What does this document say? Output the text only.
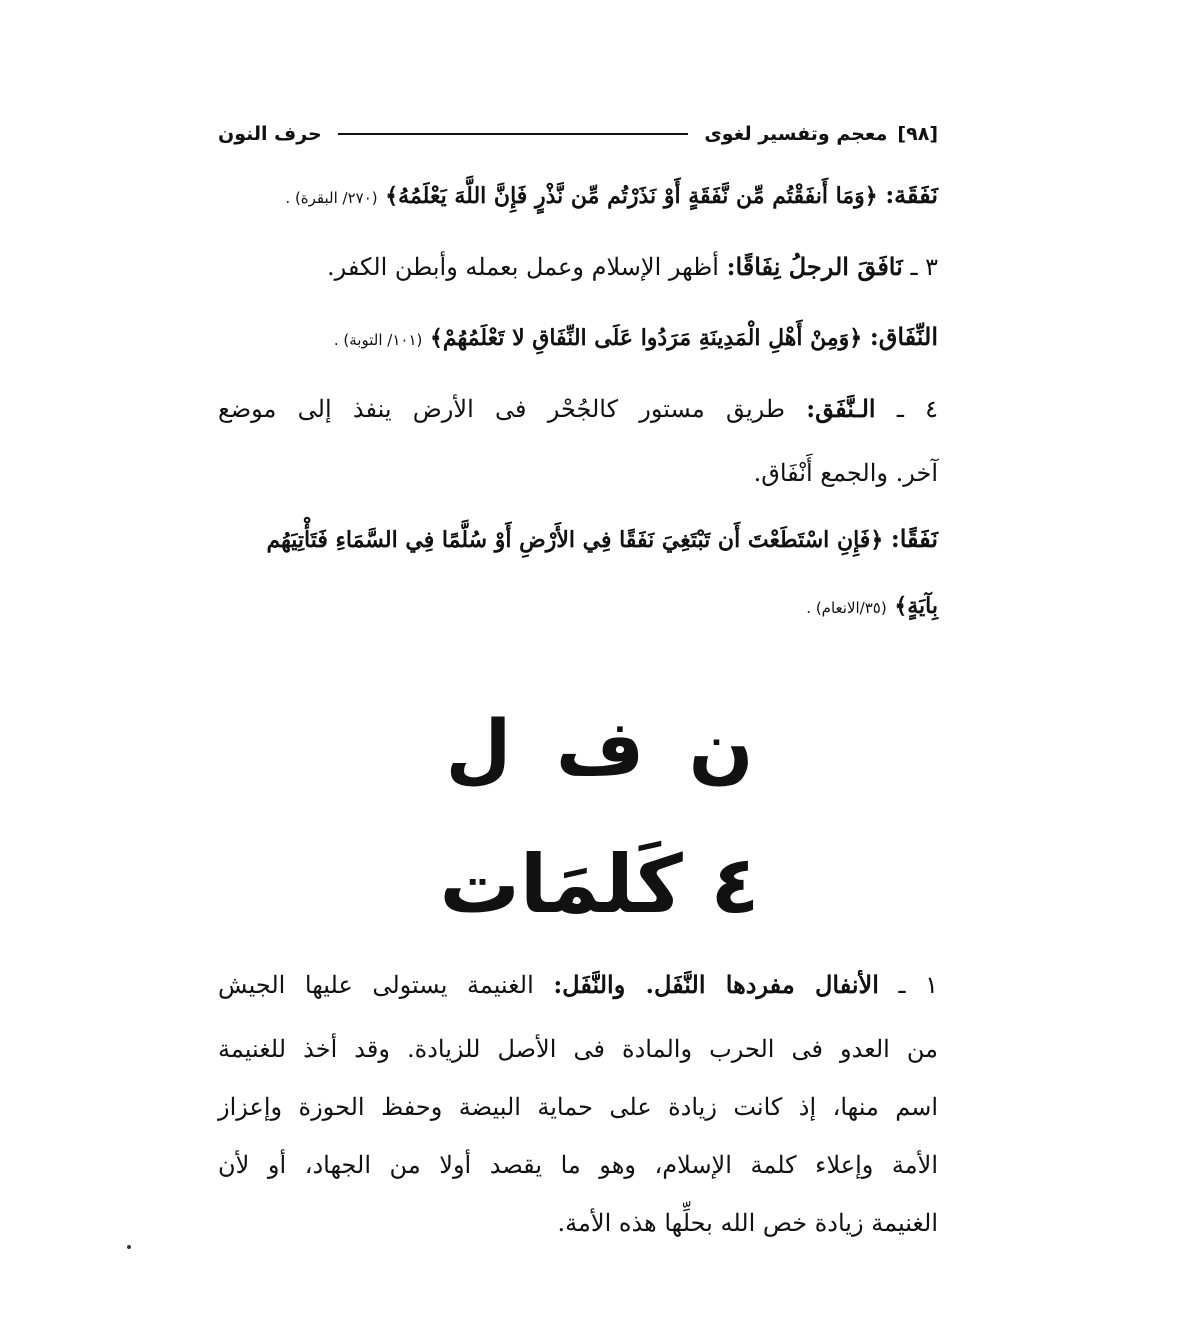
[٩٨]
معجم وتفسير لغوى
حرف النون
نَفَقَة: ﴿وَمَا أَنفَقْتُم مِّن نَّفَقَةٍ أَوْ نَذَرْتُم مِّن نَّذْرٍ فَإِنَّ اللَّهَ يَعْلَمُهُ﴾ (٢٧٠/ البقرة) .
٣ ـ نَافَقَ الرجلُ نِفَاقًا: أظهر الإسلام وعمل بعمله وأبطن الكفر.
النِّفَاق: ﴿وَمِنْ أَهْلِ الْمَدِينَةِ مَرَدُوا عَلَى النِّفَاقِ لا تَعْلَمُهُمْ﴾ (١٠١/ التوبة) .
٤ ـ الـنَّفَق: طريق مستور كالجُحْر فى الأرض ينفذ إلى موضع
آخر. والجمع أَنْفَاق.
نَفَقًا: ﴿فَإِنِ اسْتَطَعْتَ أَن تَبْتَغِيَ نَفَقًا فِي الأَرْضِ أَوْ سُلَّمًا فِي السَّمَاءِ فَتَأْتِيَهُم
بِآيَةٍ﴾ (٣٥/الانعام) .
ن ف ل
٤ كَلمَات
١ ـ الأنفال مفردها النَّفَل. والنَّفَل: الغنيمة يستولى عليها الجيش
من العدو فى الحرب والمادة فى الأصل للزيادة. وقد أخذ للغنيمة
اسم منها، إذ كانت زيادة على حماية البيضة وحفظ الحوزة وإعزاز
الأمة وإعلاء كلمة الإسلام، وهو ما يقصد أولا من الجهاد، أو لأن
الغنيمة زيادة خص الله بحلِّها هذه الأمة.
